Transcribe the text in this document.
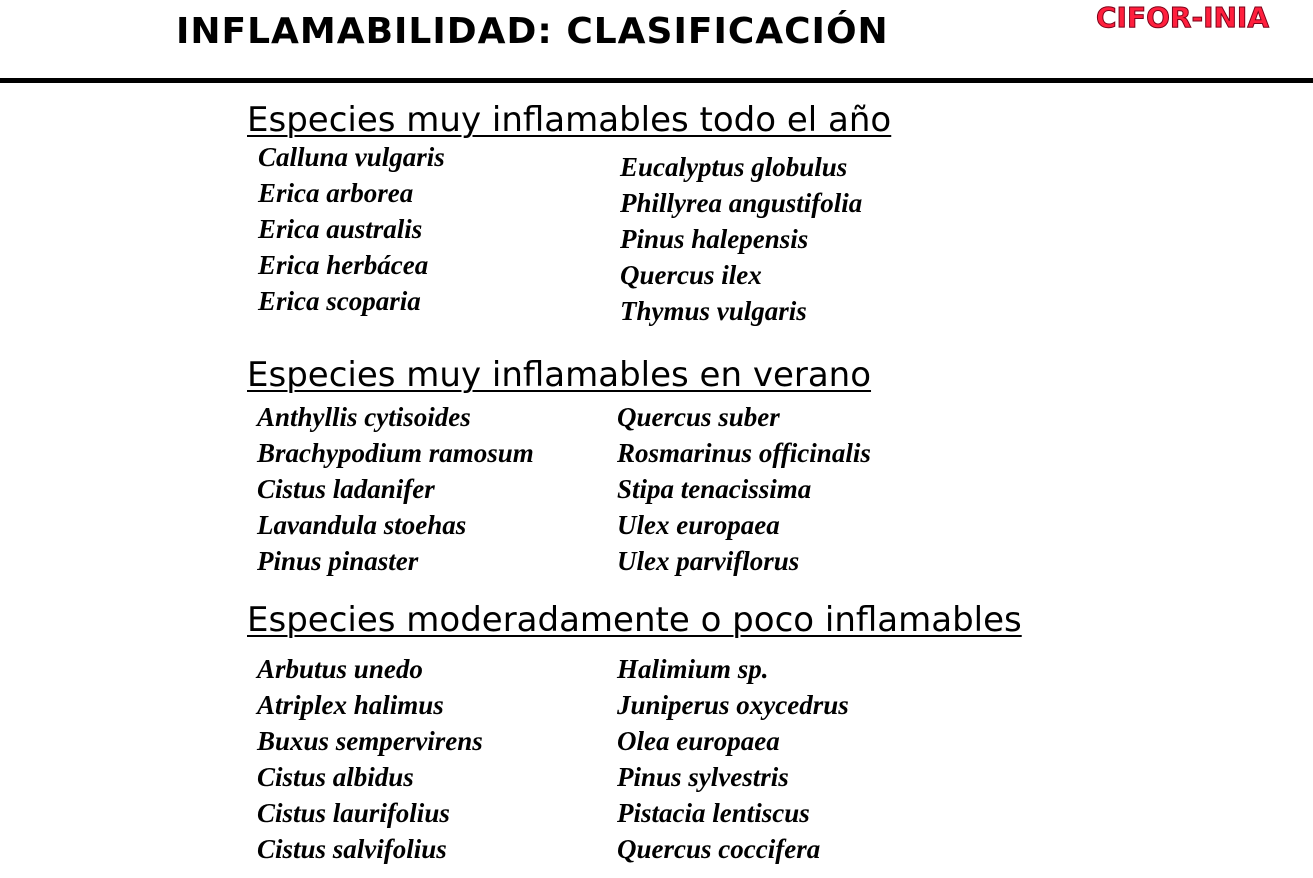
INFLAMABILIDAD: CLASIFICACIÓN	CIFOR-INIA
Especies muy inflamables todo el año
Calluna vulgaris
Erica arborea
Erica australis
Erica herbácea
Erica scoparia
Eucalyptus globulus
Phillyrea angustifolia
Pinus halepensis
Quercus ilex
Thymus vulgaris
Especies muy inflamables en verano
Anthyllis cytisoides
Brachypodium ramosum
Cistus ladanifer
Lavandula stoehas
Pinus pinaster
Quercus suber
Rosmarinus officinalis
Stipa tenacissima
Ulex europaea
Ulex parviflorus
Especies moderadamente o poco inflamables
Arbutus unedo
Atriplex halimus
Buxus sempervirens
Cistus albidus
Cistus laurifolius
Cistus salvifolius
Halimium sp.
Juniperus oxycedrus
Olea europaea
Pinus sylvestris
Pistacia lentiscus
Quercus coccifera
